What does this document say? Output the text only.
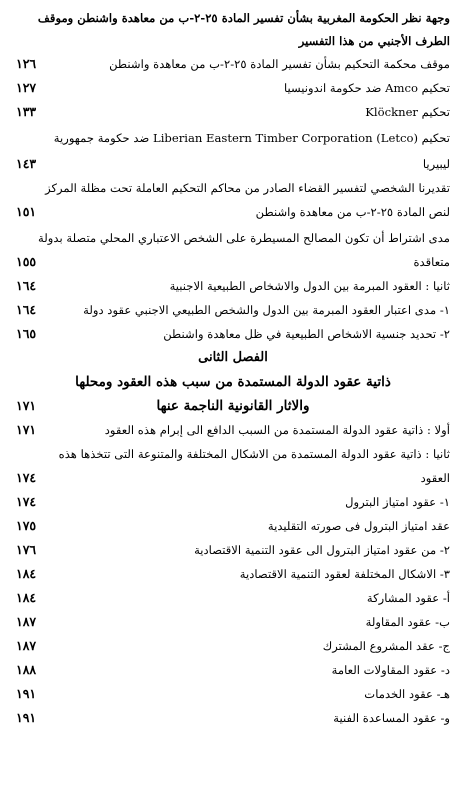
وجهة نظر الحكومة المغربية بشأن تفسير المادة ٢٥-٢-ب من معاهدة واشنطن وموقف
الطرف الأجنبي من هذا التفسير
موقف محكمة التحكيم بشأن تفسير المادة ٢٥-٢-ب من معاهدة واشنطن
١٢٦
تحكيم Amco ضد حكومة اندونيسيا
١٢٧
تحكيم Klöckner
١٣٣
تحكيم Liberian Eastern Timber Corporation (Letco) ضد حكومة جمهورية
ليبيريا
١٤٣
تقديرنا الشخصي لتفسير القضاء الصادر من محاكم التحكيم العاملة تحت مظلة المركز
لنص المادة ٢٥-٢-ب من معاهدة واشنطن
١٥١
مدى اشتراط أن تكون المصالح المسيطرة على الشخص الاعتباري المحلي متصلة بدولة
متعاقدة
١٥٥
ثانيا : العقود المبرمة بين الدول والاشخاص الطبيعية الاجنبية
١٦٤
١- مدى اعتبار العقود المبرمة بين الدول والشخص الطبيعي الاجنبي عقود دولة
١٦٤
٢- تحديد جنسية الاشخاص الطبيعية في ظل معاهدة واشنطن
١٦٥
الفصل الثانى
ذاتية عقود الدولة المستمدة من سبب هذه العقود ومحلها
والاثار القانونية الناجمة عنها
١٧١
أولا : ذاتية عقود الدولة المستمدة من السبب الدافع الى إبرام هذه العقود
١٧١
ثانيا : ذاتية عقود الدولة المستمدة من الاشكال المختلفة والمتنوعة التى تتخذها هذه
العقود
١٧٤
١- عقود امتياز البترول
١٧٤
عقد امتياز البترول فى صورته التقليدية
١٧٥
٢- من عقود امتياز البترول الى عقود التنمية الاقتصادية
١٧٦
٣- الاشكال المختلفة لعقود التنمية الاقتصادية
١٨٤
أ- عقود المشاركة
١٨٤
ب- عقود المقاولة
١٨٧
ج- عقد المشروع المشترك
١٨٧
د- عقود المقاولات العامة
١٨٨
هـ- عقود الخدمات
١٩١
و- عقود المساعدة الفنية
١٩١
